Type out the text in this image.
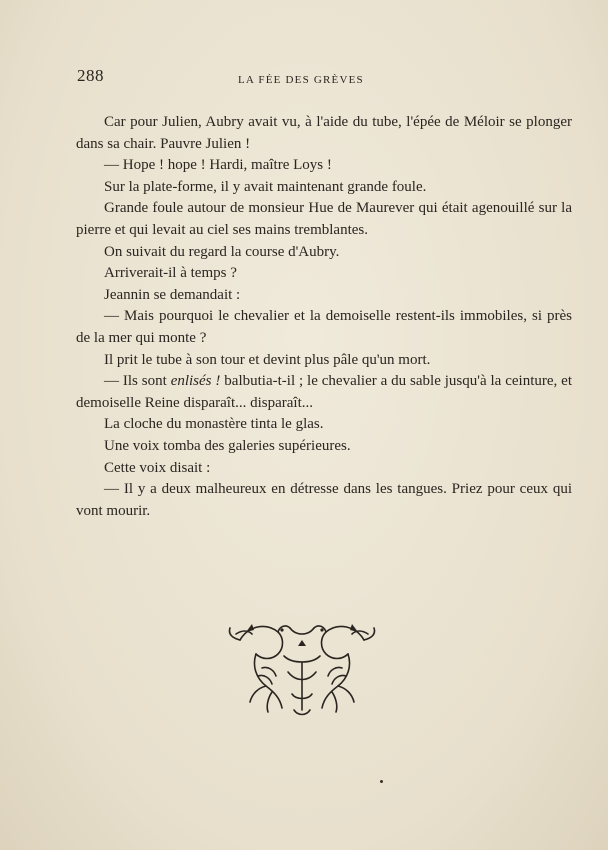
288	LA FÉE DES GRÈVES

Car pour Julien, Aubry avait vu, à l'aide du tube, l'épée de Méloir se plonger dans sa chair. Pauvre Julien !

— Hope ! hope ! Hardi, maître Loys !

Sur la plate-forme, il y avait maintenant grande foule.

Grande foule autour de monsieur Hue de Maurever qui était agenouillé sur la pierre et qui levait au ciel ses mains tremblantes.

On suivait du regard la course d'Aubry.

Arriverait-il à temps ?

Jeannin se demandait :

— Mais pourquoi le chevalier et la demoiselle restent-ils immobiles, si près de la mer qui monte ?

Il prit le tube à son tour et devint plus pâle qu'un mort.

— Ils sont enlisés ! balbutia-t-il ; le chevalier a du sable jusqu'à la ceinture, et demoiselle Reine disparaît... disparaît...

La cloche du monastère tinta le glas.

Une voix tomba des galeries supérieures.

Cette voix disait :

— Il y a deux malheureux en détresse dans les tangues. Priez pour ceux qui vont mourir.
